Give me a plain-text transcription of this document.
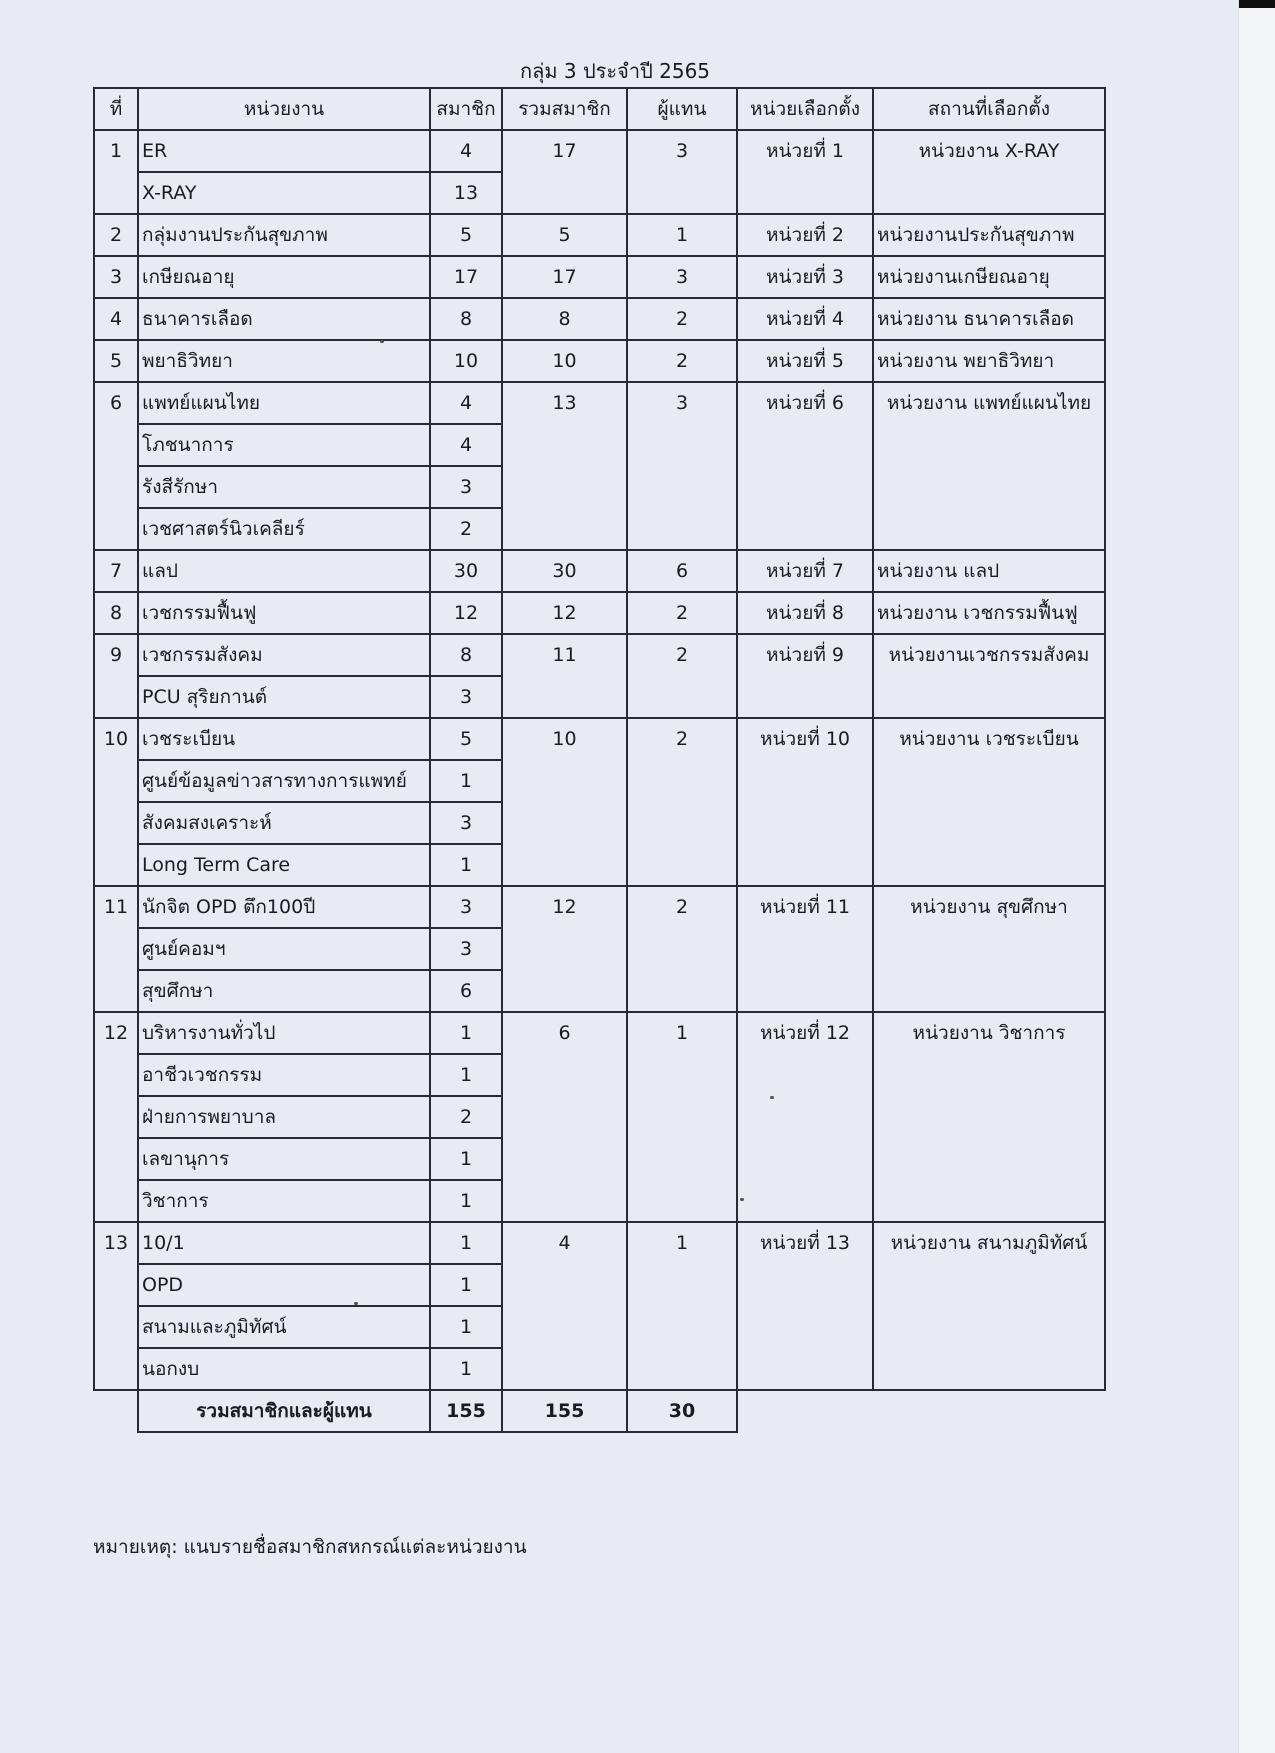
กลุ่ม 3 ประจำปี 2565
ที่	หน่วยงาน	สมาชิก	รวมสมาชิก	ผู้แทน	หน่วยเลือกตั้ง	สถานที่เลือกตั้ง
1	ER	4	17	3	หน่วยที่ 1	หน่วยงาน X-RAY
	X-RAY	13				
2	กลุ่มงานประกันสุขภาพ	5	5	1	หน่วยที่ 2	หน่วยงานประกันสุขภาพ
3	เกษียณอายุ	17	17	3	หน่วยที่ 3	หน่วยงานเกษียณอายุ
4	ธนาคารเลือด	8	8	2	หน่วยที่ 4	หน่วยงาน ธนาคารเลือด
5	พยาธิวิทยา	10	10	2	หน่วยที่ 5	หน่วยงาน พยาธิวิทยา
6	แพทย์แผนไทย	4	13	3	หน่วยที่ 6	หน่วยงาน แพทย์แผนไทย
	โภชนาการ	4				
	รังสีรักษา	3				
	เวชศาสตร์นิวเคลียร์	2				
7	แลป	30	30	6	หน่วยที่ 7	หน่วยงาน แลป
8	เวชกรรมฟื้นฟู	12	12	2	หน่วยที่ 8	หน่วยงาน เวชกรรมฟื้นฟู
9	เวชกรรมสังคม	8	11	2	หน่วยที่ 9	หน่วยงานเวชกรรมสังคม
	PCU สุริยกานต์	3				
10	เวชระเบียน	5	10	2	หน่วยที่ 10	หน่วยงาน เวชระเบียน
	ศูนย์ข้อมูลข่าวสารทางการแพทย์	1				
	สังคมสงเคราะห์	3				
	Long Term Care	1				
11	นักจิต OPD ตึก100ปี	3	12	2	หน่วยที่ 11	หน่วยงาน สุขศึกษา
	ศูนย์คอมฯ	3				
	สุขศึกษา	6				
12	บริหารงานทั่วไป	1	6	1	หน่วยที่ 12	หน่วยงาน วิชาการ
	อาชีวเวชกรรม	1				
	ฝ่ายการพยาบาล	2				
	เลขานุการ	1				
	วิชาการ	1				
13	10/1	1	4	1	หน่วยที่ 13	หน่วยงาน สนามภูมิทัศน์
	OPD	1				
	สนามและภูมิทัศน์	1				
	นอกงบ	1				
	รวมสมาชิกและผู้แทน	155	155	30		
หมายเหตุ: แนบรายชื่อสมาชิกสหกรณ์แต่ละหน่วยงาน
